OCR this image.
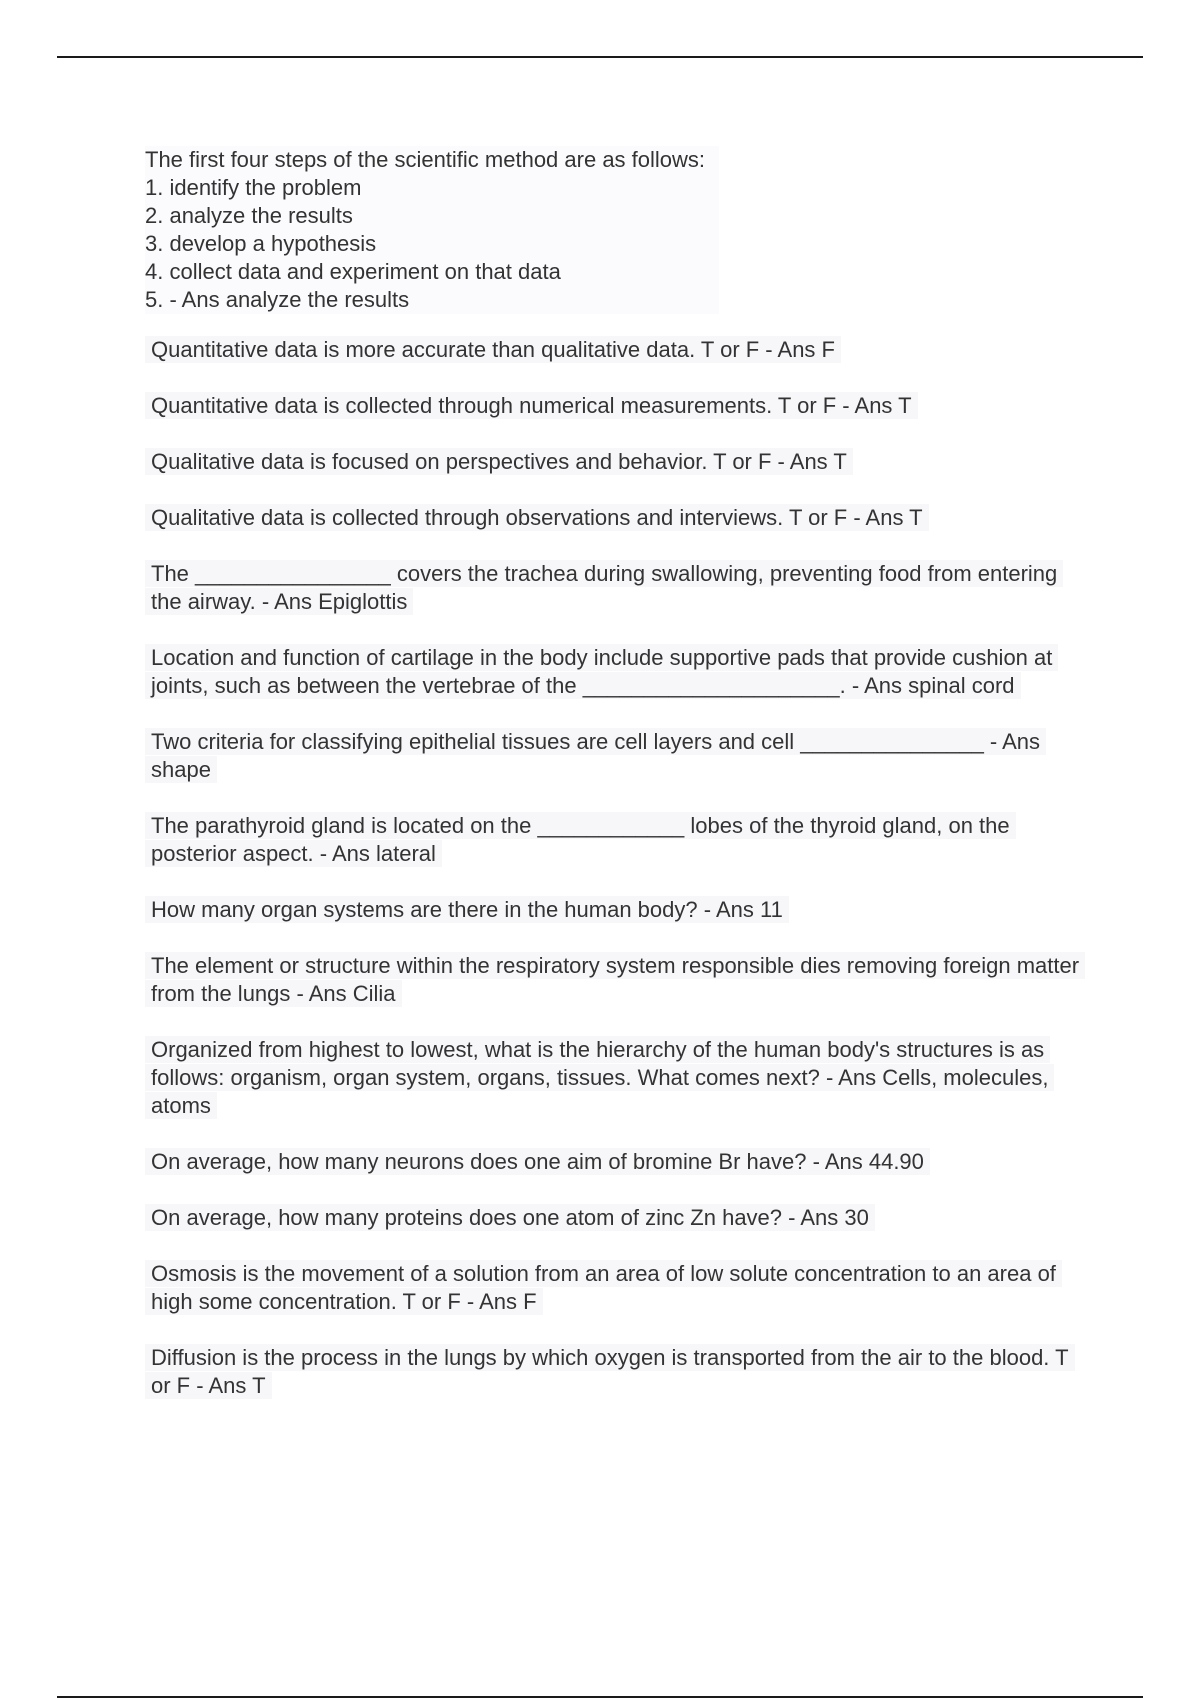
The first four steps of the scientific method are as follows:
1. identify the problem
2. analyze the results
3. develop a hypothesis
4. collect data and experiment on that data
5. - Ans analyze the results
Quantitative data is more accurate than qualitative data. T or F - Ans F
Quantitative data is collected through numerical measurements. T or F - Ans T
Qualitative data is focused on perspectives and behavior. T or F - Ans T
Qualitative data is collected through observations and interviews. T or F - Ans T
The ________________ covers the trachea during swallowing, preventing food from entering the airway. - Ans Epiglottis
Location and function of cartilage in the body include supportive pads that provide cushion at joints, such as between the vertebrae of the _____________________. - Ans spinal cord
Two criteria for classifying epithelial tissues are cell layers and cell _______________ - Ans shape
The parathyroid gland is located on the ____________ lobes of the thyroid gland, on the posterior aspect. - Ans lateral
How many organ systems are there in the human body? - Ans 11
The element or structure within the respiratory system responsible dies removing foreign matter from the lungs - Ans Cilia
Organized from highest to lowest, what is the hierarchy of the human body's structures is as follows: organism, organ system, organs, tissues. What comes next? - Ans Cells, molecules, atoms
On average, how many neurons does one aim of bromine Br have? - Ans 44.90
On average, how many proteins does one atom of zinc Zn have? - Ans 30
Osmosis is the movement of a solution from an area of low solute concentration to an area of high some concentration. T or F - Ans F
Diffusion is the process in the lungs by which oxygen is transported from the air to the blood. T or F - Ans T
